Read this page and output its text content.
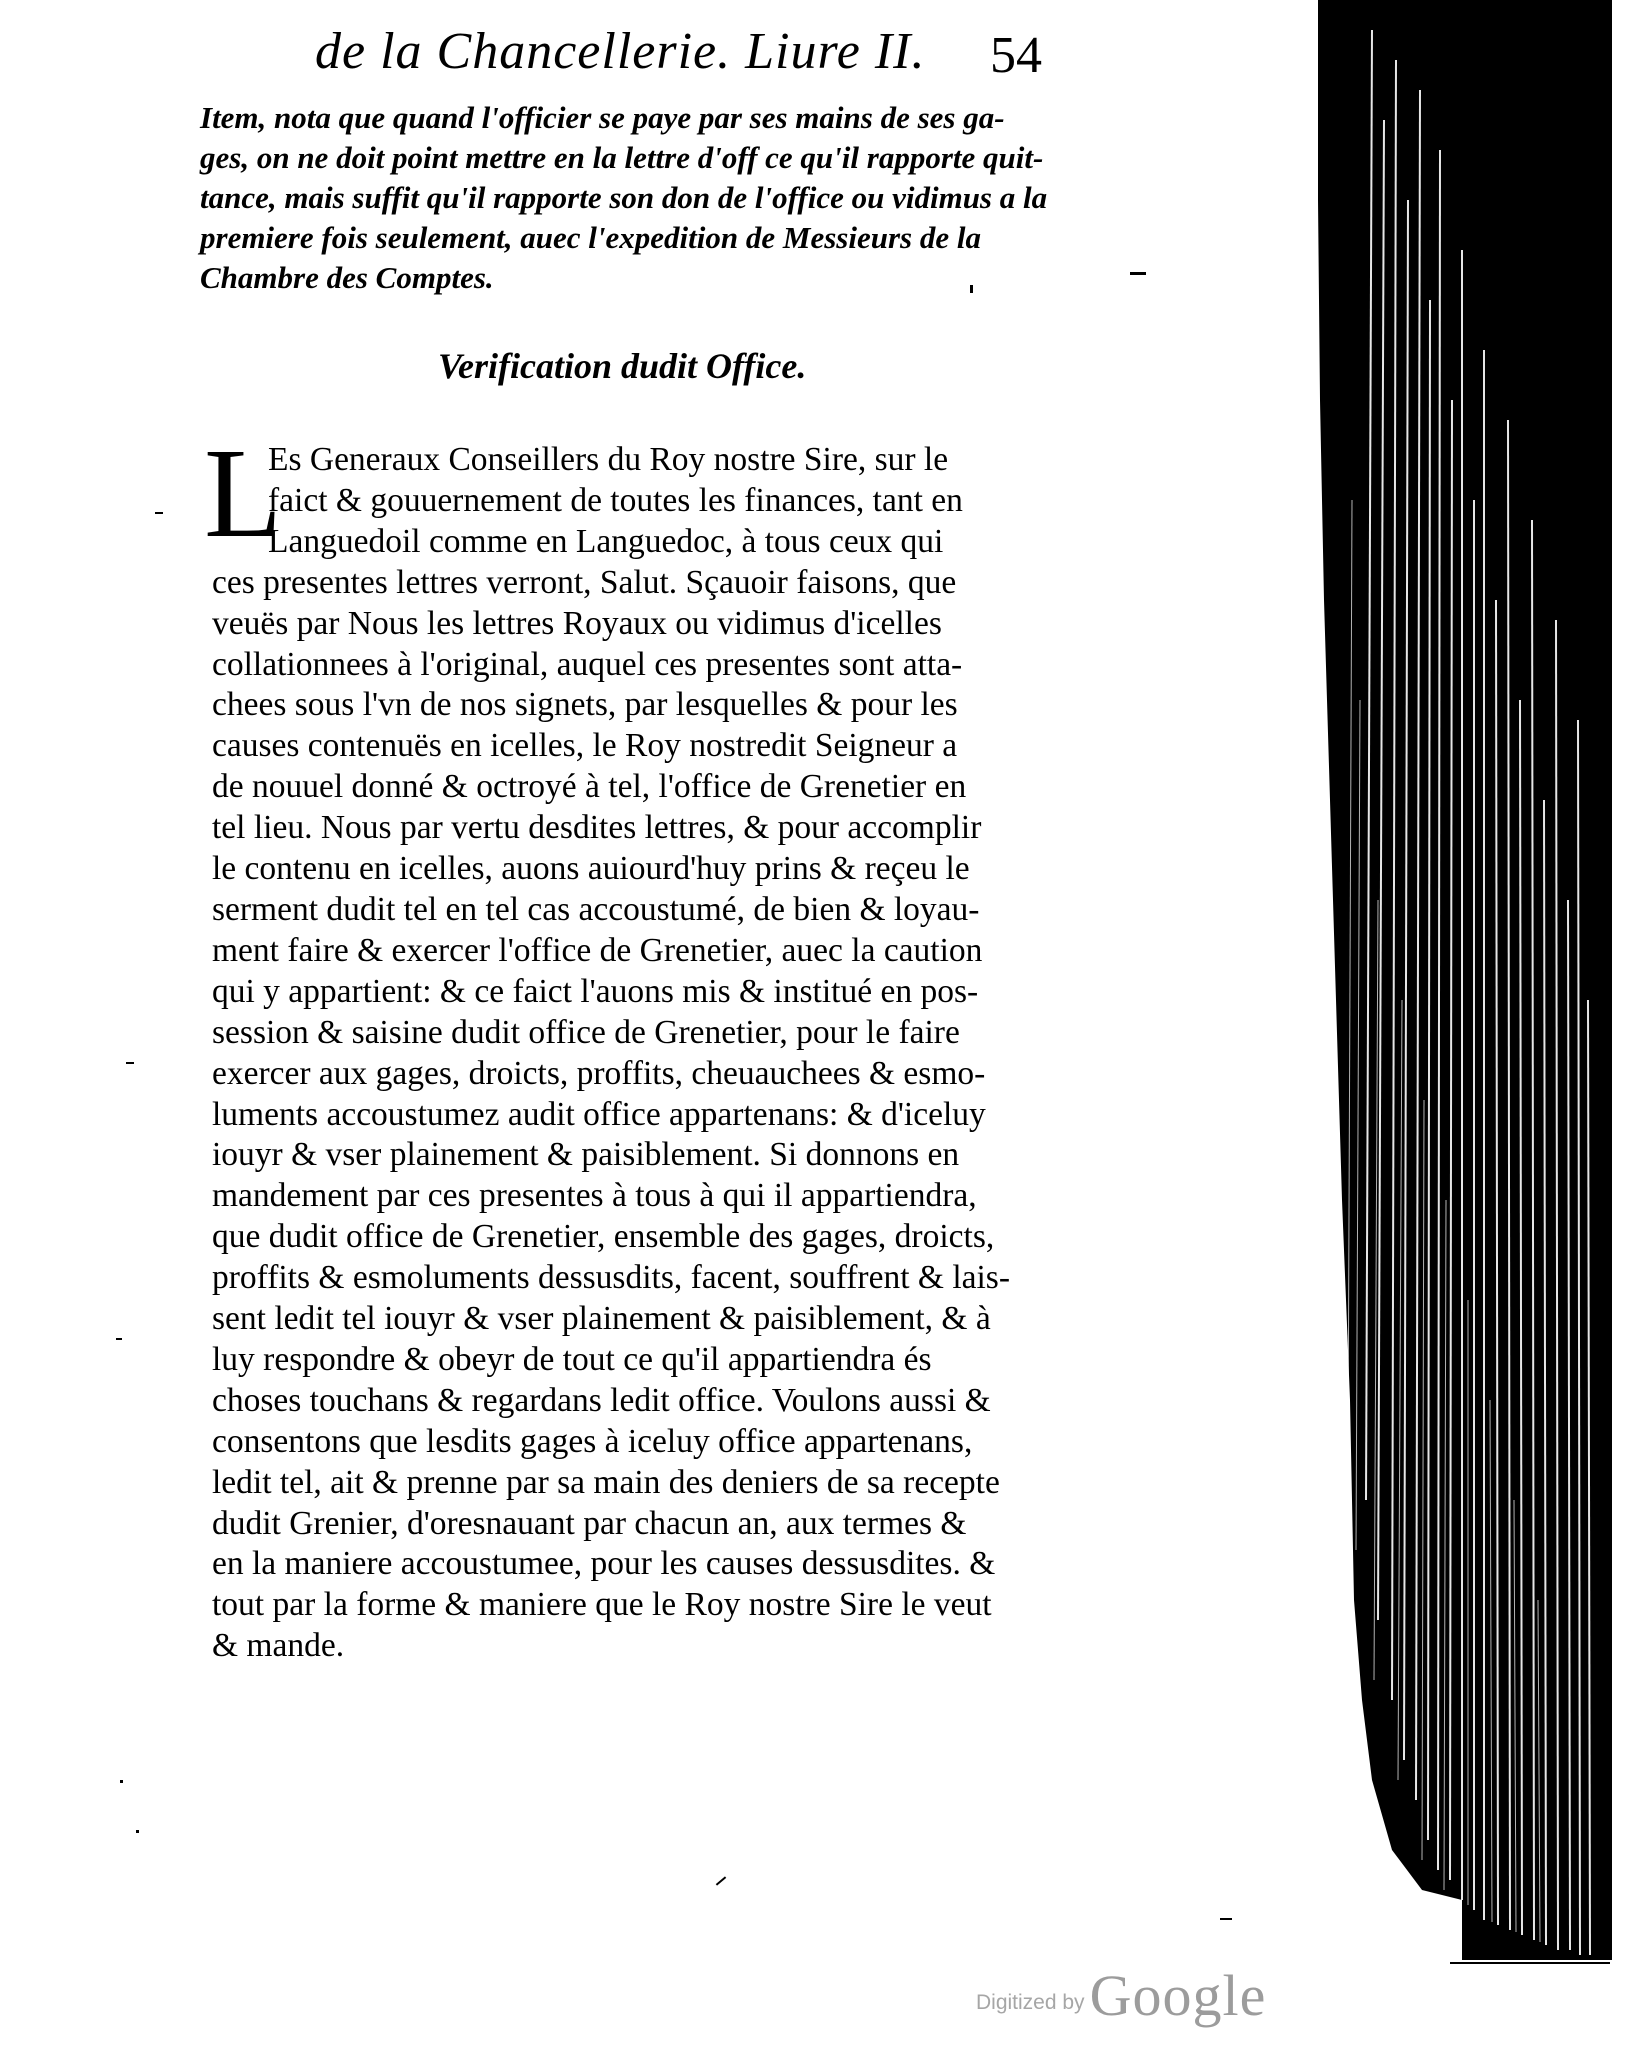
de la Chancellerie. Liure II.	54
Item, nota que quand l'officier se paye par ses mains de ses ga-
ges, on ne doit point mettre en la lettre d'off ce qu'il rapporte quit-
tance, mais suffit qu'il rapporte son don de l'office ou vidimus a la
premiere fois seulement, auec l'expedition de Messieurs de la
Chambre des Comptes.
Verification dudit Office.
L
Es Generaux Conseillers du Roy nostre Sire, sur le
faict & gouuernement de toutes les finances, tant en
Languedoil comme en Languedoc, à tous ceux qui
ces presentes lettres verront, Salut. Sçauoir faisons, que
veuës par Nous les lettres Royaux ou vidimus d'icelles
collationnees à l'original, auquel ces presentes sont atta-
chees sous l'vn de nos signets, par lesquelles & pour les
causes contenuës en icelles, le Roy nostredit Seigneur a
de nouuel donné & octroyé à tel, l'office de Grenetier en
tel lieu. Nous par vertu desdites lettres, & pour accomplir
le contenu en icelles, auons auiourd'huy prins & reçeu le
serment dudit tel en tel cas accoustumé, de bien & loyau-
ment faire & exercer l'office de Grenetier, auec la caution
qui y appartient: & ce faict l'auons mis & institué en pos-
session & saisine dudit office de Grenetier, pour le faire
exercer aux gages, droicts, proffits, cheuauchees & esmo-
luments accoustumez audit office appartenans: & d'iceluy
iouyr & vser plainement & paisiblement. Si donnons en
mandement par ces presentes à tous à qui il appartiendra,
que dudit office de Grenetier, ensemble des gages, droicts,
proffits & esmoluments dessusdits, facent, souffrent & lais-
sent ledit tel iouyr & vser plainement & paisiblement, & à
luy respondre & obeyr de tout ce qu'il appartiendra és
choses touchans & regardans ledit office. Voulons aussi &
consentons que lesdits gages à iceluy office appartenans,
ledit tel, ait & prenne par sa main des deniers de sa recepte
dudit Grenier, d'oresnauant par chacun an, aux termes &
en la maniere accoustumee, pour les causes dessusdites. &
tout par la forme & maniere que le Roy nostre Sire le veut
& mande.
Digitized by Google
